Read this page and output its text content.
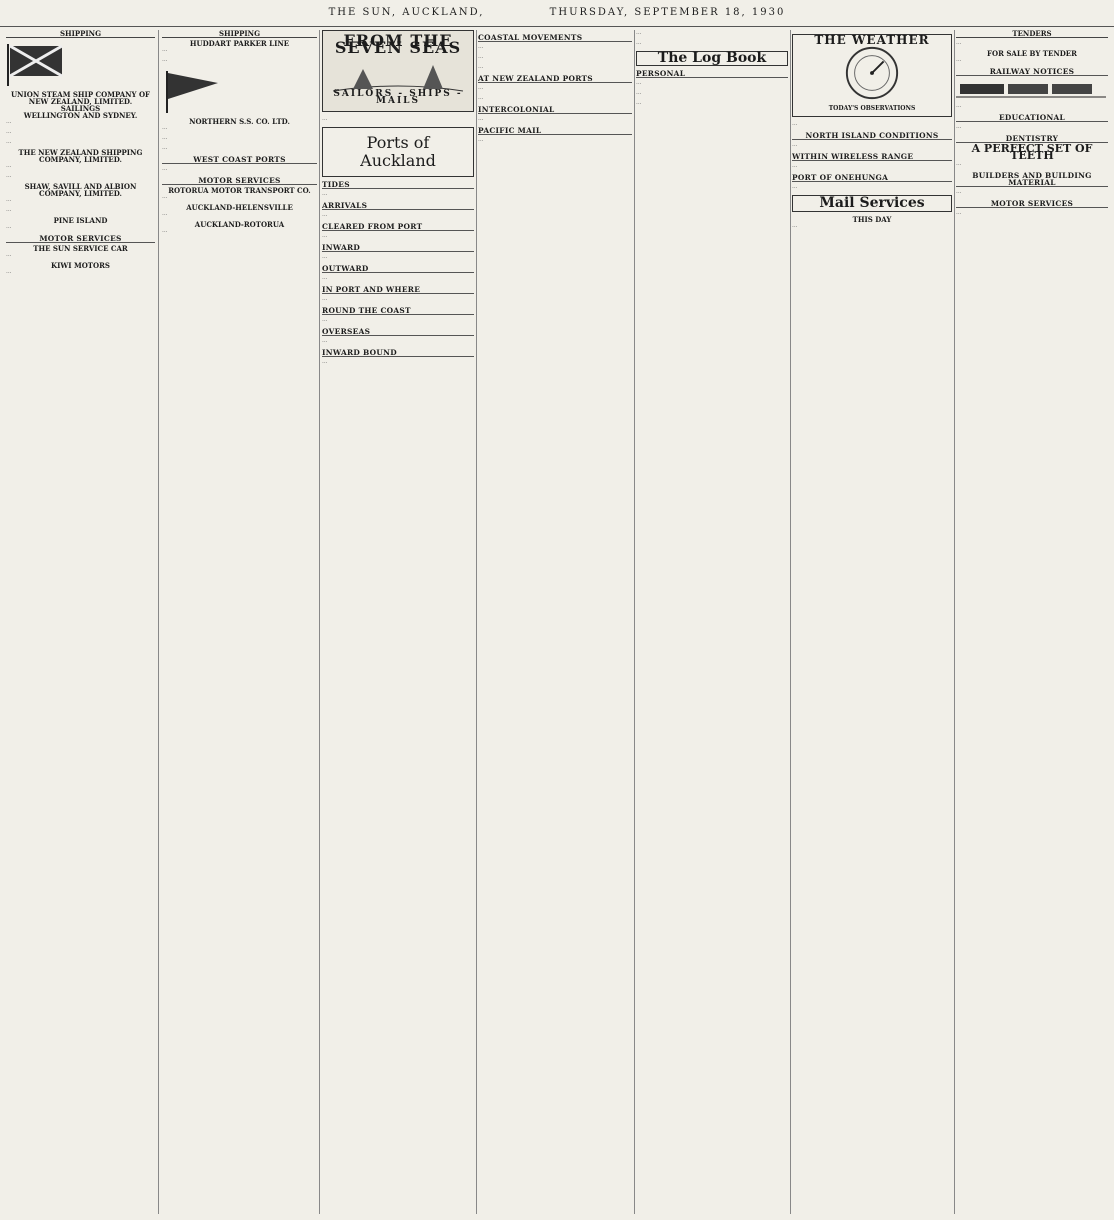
THE SUN, AUCKLAND,	THURSDAY, SEPTEMBER 18, 1930
SHIPPING
UNION STEAM SHIP COMPANY OF NEW ZEALAND, LIMITED.
SAILINGS
WELLINGTON AND SYDNEY.
…
…
…
THE NEW ZEALAND SHIPPING COMPANY, LIMITED.
…
…
SHAW, SAVILL AND ALBION COMPANY, LIMITED.
…
…
PINE ISLAND
…
MOTOR SERVICES
THE SUN SERVICE CAR
…
KIWI MOTORS
…
SHIPPING
HUDDART PARKER LINE
…
…
NORTHERN S.S. CO. LTD.
…
…
…
WEST COAST PORTS
…
MOTOR SERVICES
ROTORUA MOTOR TRANSPORT CO.
…
AUCKLAND-HELENSVILLE
…
AUCKLAND-ROTORUA
…
FROM THE SEVEN SEAS
SAILORS - SHIPS - MAILS
…
Ports of
Auckland
TIDES
…
ARRIVALS
…
CLEARED FROM PORT
…
INWARD
…
OUTWARD
…
IN PORT AND WHERE
…
ROUND THE COAST
…
OVERSEAS
…
INWARD BOUND
…
COASTAL MOVEMENTS
…
…
…
AT NEW ZEALAND PORTS
…
…
INTERCOLONIAL
…
PACIFIC MAIL
…
…
…
The Log Book
PERSONAL
…
…
…
THE WEATHER
TODAY'S OBSERVATIONS
…
NORTH ISLAND CONDITIONS
…
WITHIN WIRELESS RANGE
…
PORT OF ONEHUNGA
…
Mail Services
THIS DAY
…
TENDERS
…
FOR SALE BY TENDER
…
RAILWAY NOTICES
…
EDUCATIONAL
…
DENTISTRY
A PERFECT SET OF TEETH
…
BUILDERS AND BUILDING MATERIAL
…
MOTOR SERVICES
…
